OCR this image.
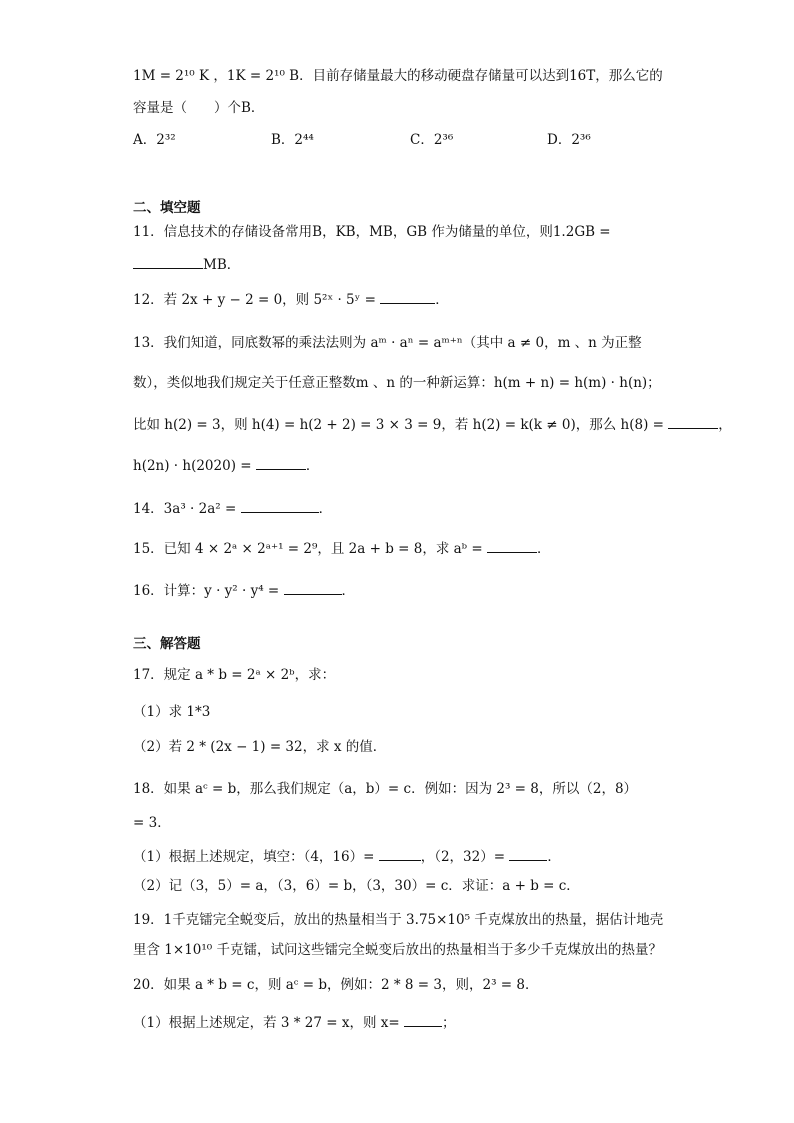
1M = 2¹⁰ K ，1K = 2¹⁰ B．目前存储量最大的移动硬盘存储量可以达到16T，那么它的
容量是（　　）个B．
A．2³²	B．2⁴⁴	C．2³⁶	D．2³⁶
二、填空题
11．信息技术的存储设备常用B，KB，MB，GB 作为储量的单位，则1.2GB =
MB．
12．若 2x + y − 2 = 0，则 5²ˣ · 5ʸ =	．
13．我们知道，同底数幂的乘法法则为 aᵐ · aⁿ = aᵐ⁺ⁿ（其中 a ≠ 0，m 、n 为正整
数），类似地我们规定关于任意正整数m 、n 的一种新运算：h(m + n) = h(m) · h(n)；
比如 h(2) = 3，则 h(4) = h(2 + 2) = 3 × 3 = 9，若 h(2) = k(k ≠ 0)，那么 h(8) =	，
h(2n) · h(2020) =	．
14．3a³ · 2a² =	．
15．已知 4 × 2ᵃ × 2ᵃ⁺¹ = 2⁹，且 2a + b = 8，求 aᵇ =	．
16．计算：y · y² · y⁴ =	．
三、解答题
17．规定 a * b = 2ᵃ × 2ᵇ，求：
（1）求 1*3
（2）若 2 * (2x − 1) = 32，求 x 的值．
18．如果 aᶜ = b，那么我们规定（a，b）= c．例如：因为 2³ = 8，所以（2，8）
= 3．
（1）根据上述规定，填空：（4，16）=	，（2，32）=	．
（2）记（3，5）= a，（3，6）= b，（3，30）= c．求证：a + b = c．
19．1千克镭完全蜕变后，放出的热量相当于 3.75×10⁵ 千克煤放出的热量，据估计地壳
里含 1×10¹⁰ 千克镭，试问这些镭完全蜕变后放出的热量相当于多少千克煤放出的热量？
20．如果 a * b = c，则 aᶜ = b，例如：2 * 8 = 3，则，2³ = 8．
（1）根据上述规定，若 3 * 27 = x，则 x=	；
